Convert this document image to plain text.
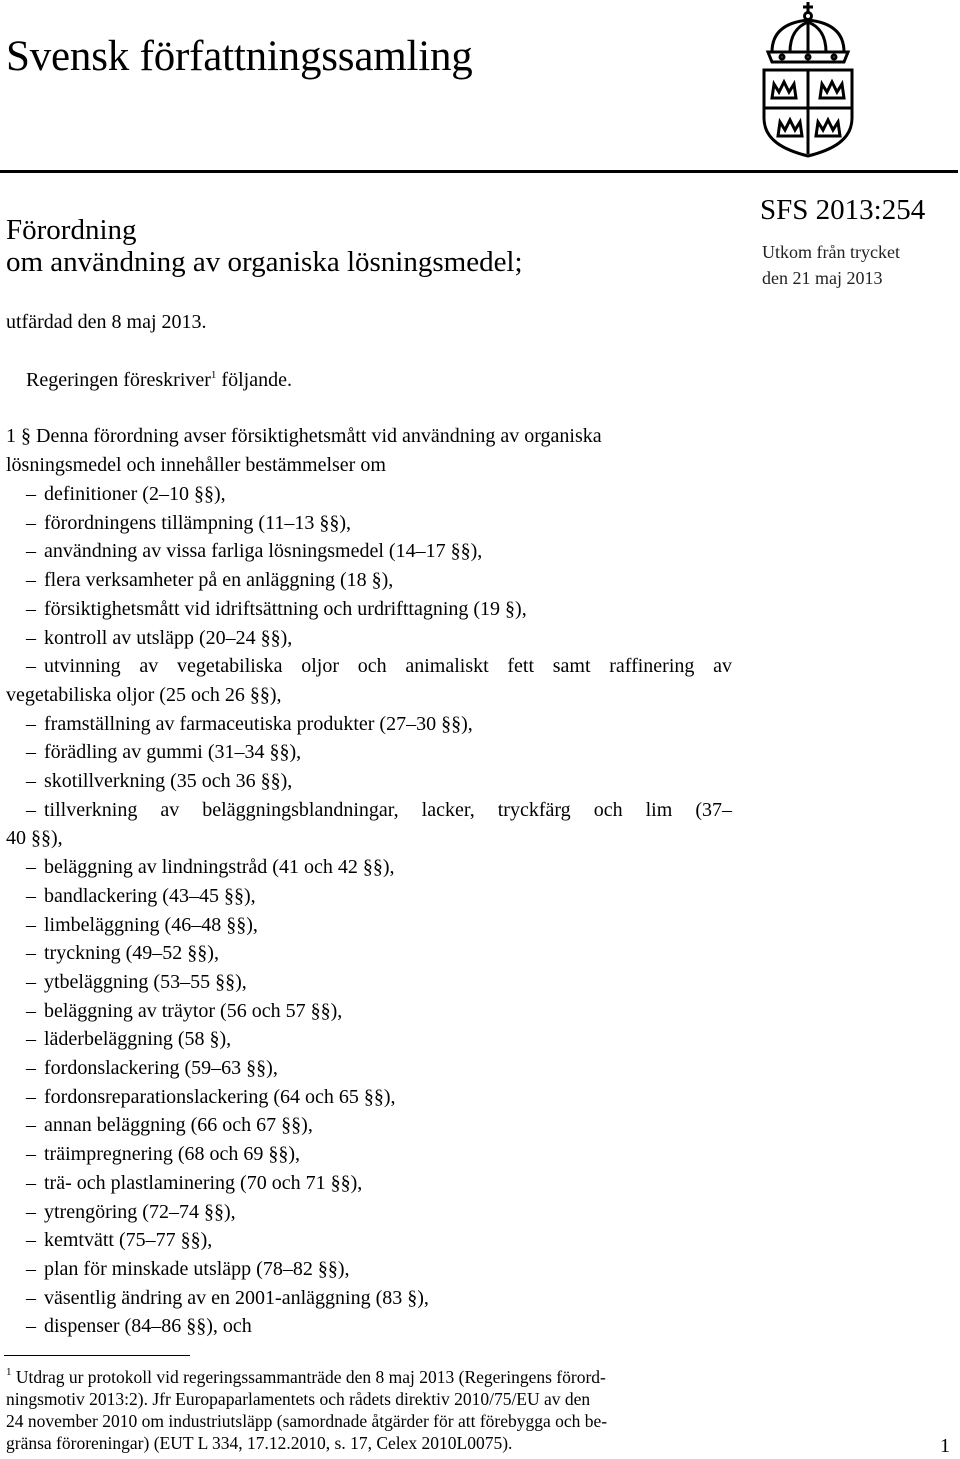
Svensk författningssamling
Förordning
om användning av organiska lösningsmedel;
SFS 2013:254
Utkom från trycket
den 21 maj 2013
utfärdad den 8 maj 2013.
Regeringen föreskriver$^1$ följande.
1 § Denna förordning avser försiktighetsmått vid användning av organiska
lösningsmedel och innehåller bestämmelser om
– definitioner (2–10 §§),
– förordningens tillämpning (11–13 §§),
– användning av vissa farliga lösningsmedel (14–17 §§),
– flera verksamheter på en anläggning (18 §),
– försiktighetsmått vid idriftsättning och urdrifttagning (19 §),
– kontroll av utsläpp (20–24 §§),
– utvinning av vegetabiliska oljor och animaliskt fett samt raffinering av
vegetabiliska oljor (25 och 26 §§),
– framställning av farmaceutiska produkter (27–30 §§),
– förädling av gummi (31–34 §§),
– skotillverkning (35 och 36 §§),
– tillverkning av beläggningsblandningar, lacker, tryckfärg och lim (37–
40 §§),
– beläggning av lindningstråd (41 och 42 §§),
– bandlackering (43–45 §§),
– limbeläggning (46–48 §§),
– tryckning (49–52 §§),
– ytbeläggning (53–55 §§),
– beläggning av träytor (56 och 57 §§),
– läderbeläggning (58 §),
– fordonslackering (59–63 §§),
– fordonsreparationslackering (64 och 65 §§),
– annan beläggning (66 och 67 §§),
– träimpregnering (68 och 69 §§),
– trä- och plastlaminering (70 och 71 §§),
– ytrengöring (72–74 §§),
– kemtvätt (75–77 §§),
– plan för minskade utsläpp (78–82 §§),
– väsentlig ändring av en 2001-anläggning (83 §),
– dispenser (84–86 §§), och
$^1$ Utdrag ur protokoll vid regeringssammanträde den 8 maj 2013 (Regeringens förord-
ningsmotiv 2013:2). Jfr Europaparlamentets och rådets direktiv 2010/75/EU av den
24 november 2010 om industriutsläpp (samordnade åtgärder för att förebygga och be-
gränsa föroreningar) (EUT L 334, 17.12.2010, s. 17, Celex 2010L0075).	1
